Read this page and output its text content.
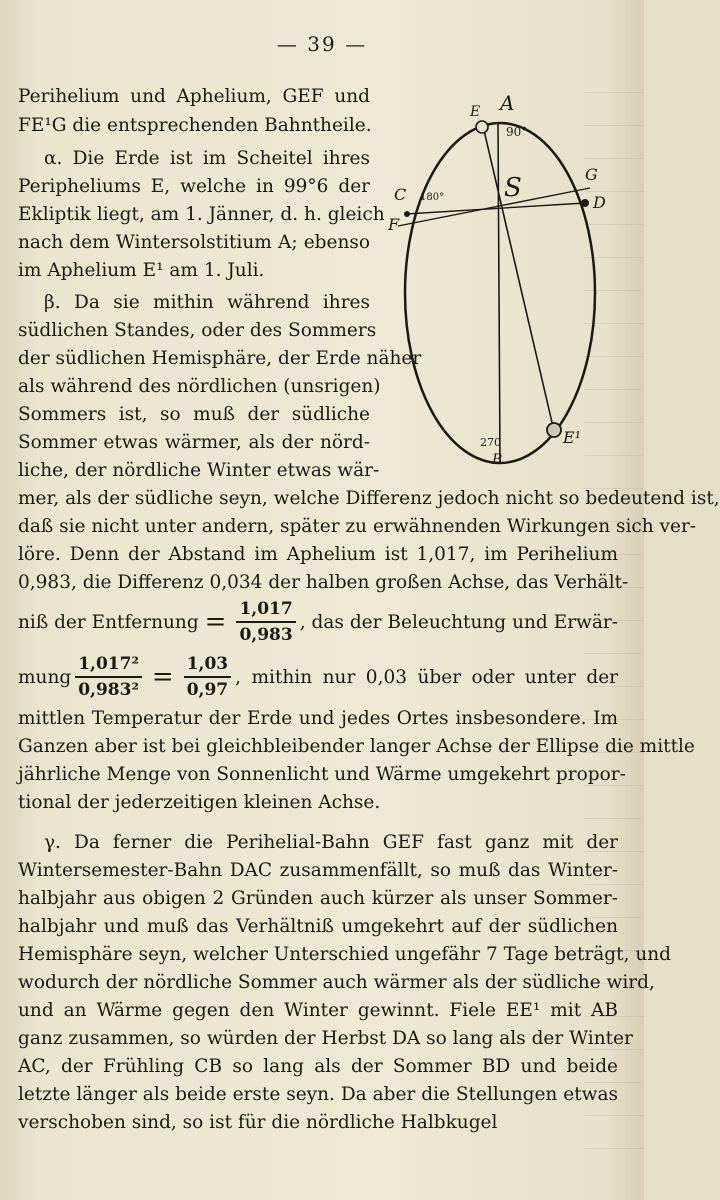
— 39 —
A
E
90°
G
S
180°
C	D
F
270	E¹
B
Perihelium und Aphelium, GEF und
FE¹G die entsprechenden Bahntheile.
α. Die Erde ist im Scheitel ihres
Peripheliums E, welche in 99°6 der
Ekliptik liegt, am 1. Jänner, d. h. gleich
nach dem Wintersolstitium A; ebenso
im Aphelium E¹ am 1. Juli.
β. Da sie mithin während ihres
südlichen Standes, oder des Sommers
der südlichen Hemisphäre, der Erde näher
als während des nördlichen (unsrigen)
Sommers ist, so muß der südliche
Sommer etwas wärmer, als der nörd-
liche, der nördliche Winter etwas wär-
mer, als der südliche seyn, welche Differenz jedoch nicht so bedeutend ist,
daß sie nicht unter andern, später zu erwähnenden Wirkungen sich ver-
löre. Denn der Abstand im Aphelium ist 1,017, im Perihelium
0,983, die Differenz 0,034 der halben großen Achse, das Verhält-
niß der Entfernung = $\frac{1,017}{0,983}$ , das der Beleuchtung und Erwär-
mung $\frac{\text{1,017²}}{\text{0,983²}} = \frac{1,03}{0,97}$ , mithin nur 0,03 über oder unter der
mittlen Temperatur der Erde und jedes Ortes insbesondere. Im
Ganzen aber ist bei gleichbleibender langer Achse der Ellipse die mittle
jährliche Menge von Sonnenlicht und Wärme umgekehrt propor-
tional der jederzeitigen kleinen Achse.
γ. Da ferner die Perihelial-Bahn GEF fast ganz mit der
Wintersemester-Bahn DAC zusammenfällt, so muß das Winter-
halbjahr aus obigen 2 Gründen auch kürzer als unser Sommer-
halbjahr und muß das Verhältniß umgekehrt auf der südlichen
Hemisphäre seyn, welcher Unterschied ungefähr 7 Tage beträgt, und
wodurch der nördliche Sommer auch wärmer als der südliche wird,
und an Wärme gegen den Winter gewinnt. Fiele EE¹ mit AB
ganz zusammen, so würden der Herbst DA so lang als der Winter
AC, der Frühling CB so lang als der Sommer BD und beide
letzte länger als beide erste seyn. Da aber die Stellungen etwas
verschoben sind, so ist für die nördliche Halbkugel
